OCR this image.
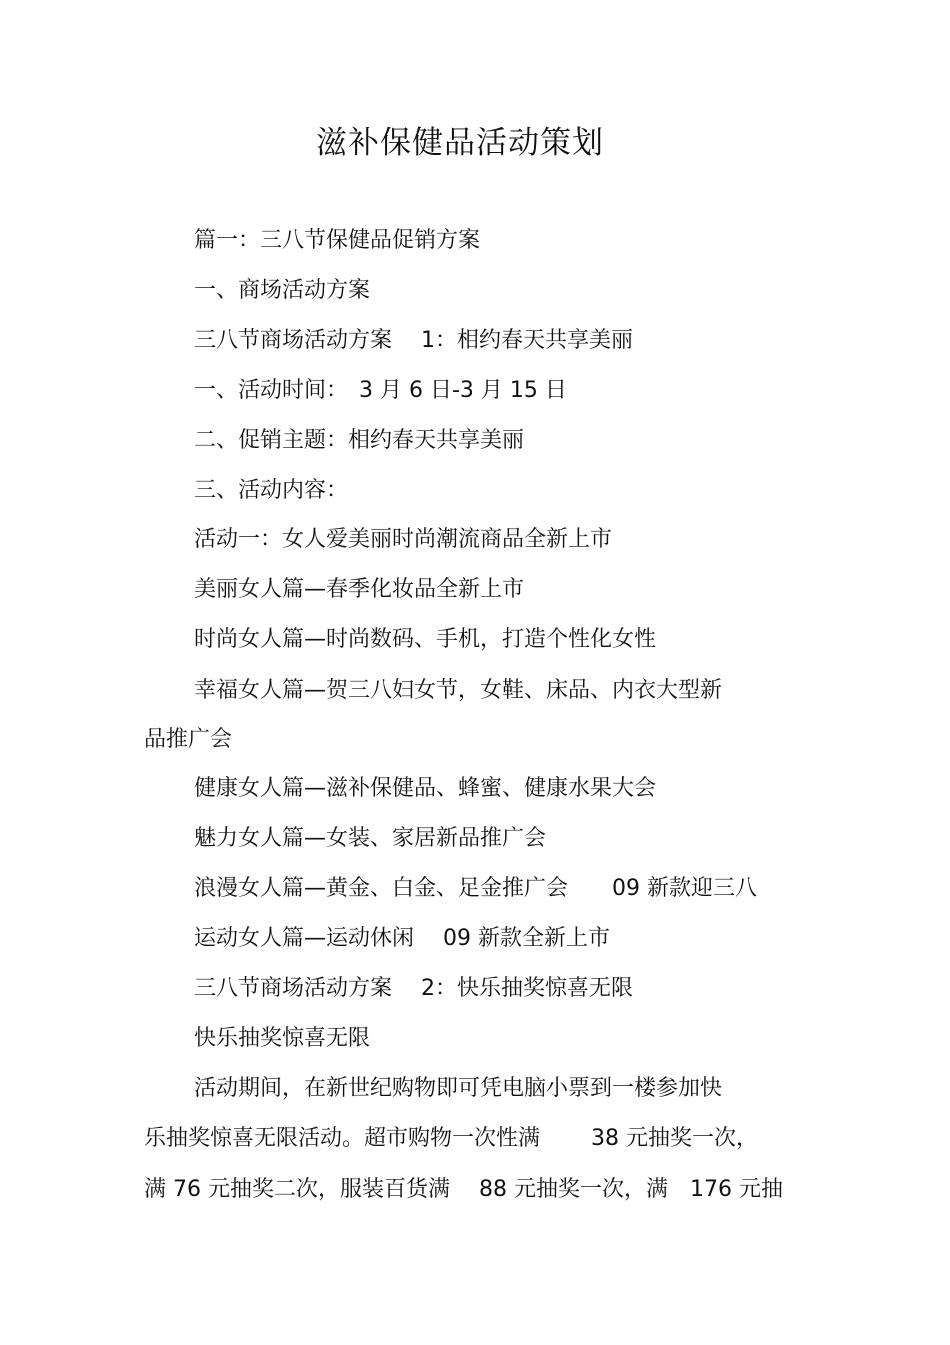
滋补保健品活动策划
篇一：三八节保健品促销方案
一、商场活动方案
三八节商场活动方案　 1：相约春天共享美丽
一、活动时间：　3 月 6 日-3 月 15 日
二、促销主题：相约春天共享美丽
三、活动内容：
活动一：女人爱美丽时尚潮流商品全新上市
美丽女人篇—春季化妆品全新上市
时尚女人篇—时尚数码、手机，打造个性化女性
幸福女人篇—贺三八妇女节，女鞋、床品、内衣大型新
品推广会
健康女人篇—滋补保健品、蜂蜜、健康水果大会
魅力女人篇—女装、家居新品推广会
浪漫女人篇—黄金、白金、足金推广会　　09 新款迎三八
运动女人篇—运动休闲　 09 新款全新上市
三八节商场活动方案　 2：快乐抽奖惊喜无限
快乐抽奖惊喜无限
活动期间，在新世纪购物即可凭电脑小票到一楼参加快
乐抽奖惊喜无限活动。超市购物一次性满　　 38 元抽奖一次，
满 76 元抽奖二次，服装百货满　 88 元抽奖一次，满　176 元抽
